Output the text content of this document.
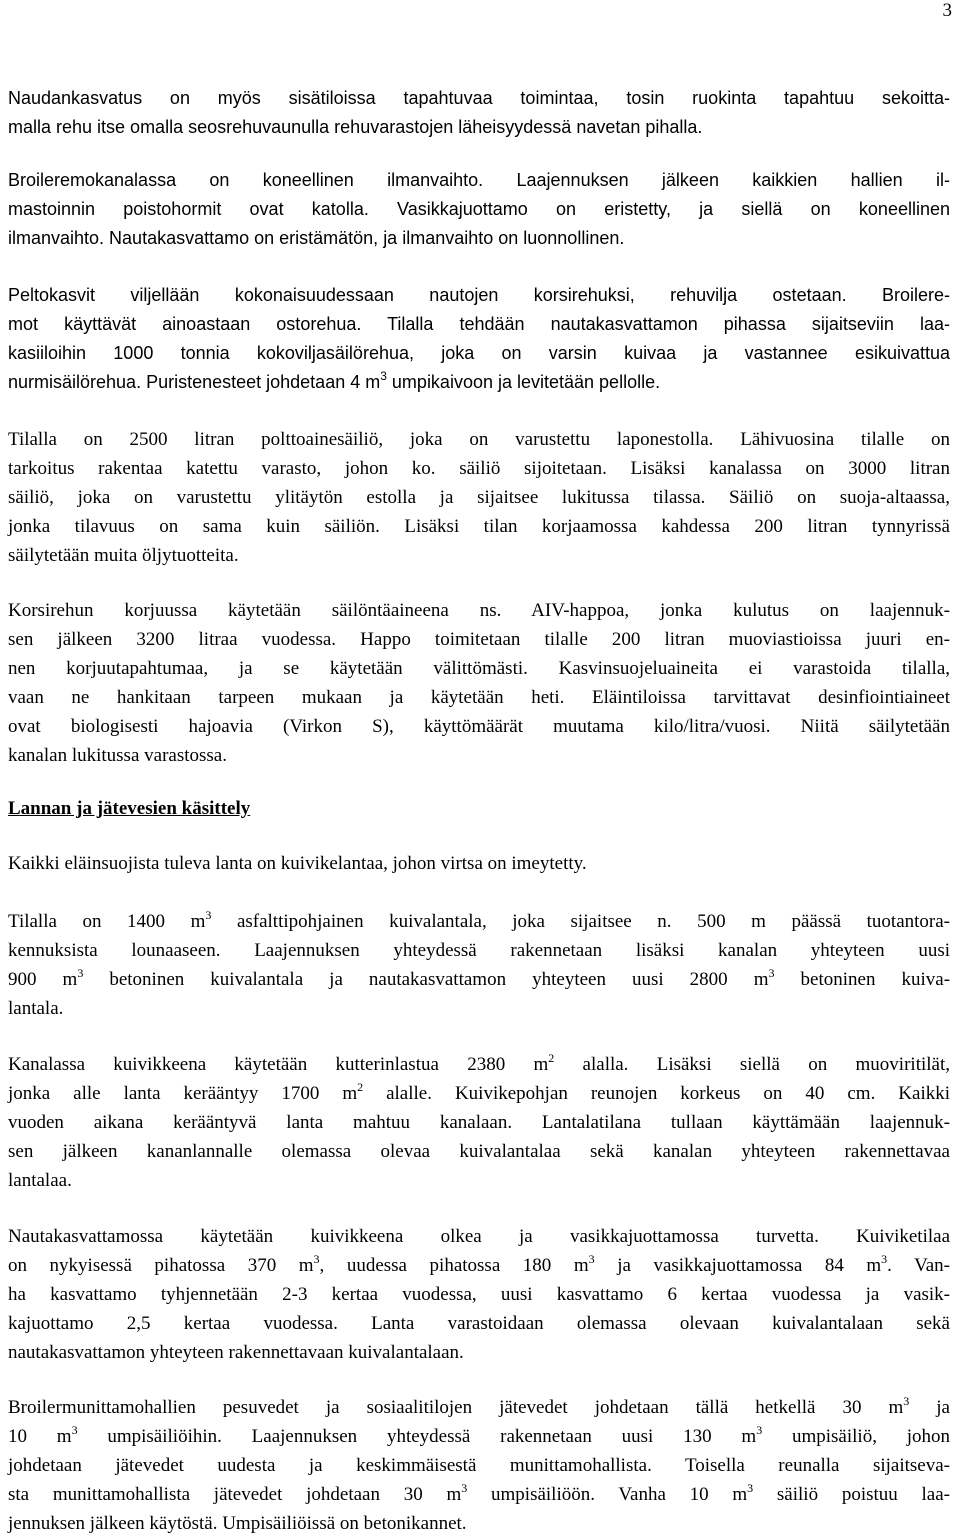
3

Naudankasvatus on myös sisätiloissa tapahtuvaa toimintaa, tosin ruokinta tapahtuu sekoitta-
malla rehu itse omalla seosrehuvaunulla rehuvarastojen läheisyydessä navetan pihalla.

Broileremokanalassa on koneellinen ilmanvaihto. Laajennuksen jälkeen kaikkien hallien il-
mastoinnin poistohormit ovat katolla. Vasikkajuottamo on eristetty, ja siellä on koneellinen
ilmanvaihto. Nautakasvattamo on eristämätön, ja ilmanvaihto on luonnollinen.

Peltokasvit viljellään kokonaisuudessaan nautojen korsirehuksi, rehuvilja ostetaan. Broilere-
mot käyttävät ainoastaan ostorehua. Tilalla tehdään nautakasvattamon pihassa sijaitseviin laa-
kasiiloihin 1000 tonnia kokoviljasäilörehua, joka on varsin kuivaa ja vastannee esikuivattua
nurmisäilörehua. Puristenesteet johdetaan 4 $m^3$ umpikaivoon ja levitetään pellolle.

Tilalla on 2500 litran polttoainesäiliö, joka on varustettu laponestolla. Lähivuosina tilalle on
tarkoitus rakentaa katettu varasto, johon ko. säiliö sijoitetaan. Lisäksi kanalassa on 3000 litran
säiliö, joka on varustettu ylitäytön estolla ja sijaitsee lukitussa tilassa. Säiliö on suoja-altaassa,
jonka tilavuus on sama kuin säiliön. Lisäksi tilan korjaamossa kahdessa 200 litran tynnyrissä
säilytetään muita öljytuotteita.

Korsirehun korjuussa käytetään säilöntäaineena ns. AIV-happoa, jonka kulutus on laajennuk-
sen jälkeen 3200 litraa vuodessa. Happo toimitetaan tilalle 200 litran muoviastioissa juuri en-
nen korjuutapahtumaa, ja se käytetään välittömästi. Kasvinsuojeluaineita ei varastoida tilalla,
vaan ne hankitaan tarpeen mukaan ja käytetään heti. Eläintiloissa tarvittavat desinfiointiaineet
ovat biologisesti hajoavia (Virkon S), käyttömäärät muutama kilo/litra/vuosi. Niitä säilytetään
kanalan lukitussa varastossa.

Lannan ja jätevesien käsittely

Kaikki eläinsuojista tuleva lanta on kuivikelantaa, johon virtsa on imeytetty.

Tilalla on 1400 $m^3$ asfalttipohjainen kuivalantala, joka sijaitsee n. 500 m päässä tuotantora-
kennuksista lounaaseen. Laajennuksen yhteydessä rakennetaan lisäksi kanalan yhteyteen uusi
900 $m^3$ betoninen kuivalantala ja nautakasvattamon yhteyteen uusi 2800 $m^3$ betoninen kuiva-
lantala.

Kanalassa kuivikkeena käytetään kutterinlastua 2380 $m^2$ alalla. Lisäksi siellä on muoviritilät,
jonka alle lanta kerääntyy 1700 $m^2$ alalle. Kuivikepohjan reunojen korkeus on 40 cm. Kaikki
vuoden aikana kerääntyvä lanta mahtuu kanalaan. Lantalatilana tullaan käyttämään laajennuk-
sen jälkeen kananlannalle olemassa olevaa kuivalantalaa sekä kanalan yhteyteen rakennettavaa
lantalaa.

Nautakasvattamossa käytetään kuivikkeena olkea ja vasikkajuottamossa turvetta. Kuiviketilaa
on nykyisessä pihatossa 370 $m^3$, uudessa pihatossa 180 $m^3$ ja vasikkajuottamossa 84 $m^3$. Van-
ha kasvattamo tyhjennetään 2-3 kertaa vuodessa, uusi kasvattamo 6 kertaa vuodessa ja vasik-
kajuottamo 2,5 kertaa vuodessa. Lanta varastoidaan olemassa olevaan kuivalantalaan sekä
nautakasvattamon yhteyteen rakennettavaan kuivalantalaan.

Broilermunittamohallien pesuvedet ja sosiaalitilojen jätevedet johdetaan tällä hetkellä 30 $m^3$ ja
10 $m^3$ umpisäiliöihin. Laajennuksen yhteydessä rakennetaan uusi 130 $m^3$ umpisäiliö, johon
johdetaan jätevedet uudesta ja keskimmäisestä munittamohallista. Toisella reunalla sijaitseva-
sta munittamohallista jätevedet johdetaan 30 $m^3$ umpisäiliöön. Vanha 10 $m^3$ säiliö poistuu laa-
jennuksen jälkeen käytöstä. Umpisäiliöissä on betonikannet.
